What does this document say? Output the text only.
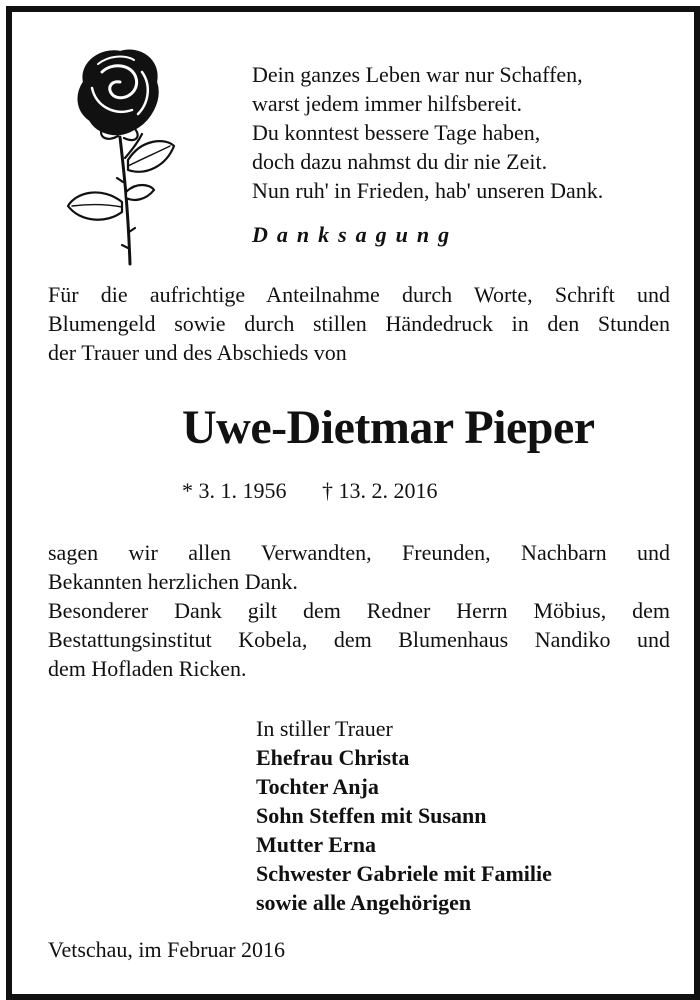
Dein ganzes Leben war nur Schaffen,
warst jedem immer hilfsbereit.
Du konntest bessere Tage haben,
doch dazu nahmst du dir nie Zeit.
Nun ruh' in Frieden, hab' unseren Dank.
Danksagung
Für die aufrichtige Anteilnahme durch Worte, Schrift und
Blumengeld sowie durch stillen Händedruck in den Stunden
der Trauer und des Abschieds von
Uwe-Dietmar Pieper
* 3. 1. 1956 † 13. 2. 2016
sagen wir allen Verwandten, Freunden, Nachbarn und
Bekannten herzlichen Dank.
Besonderer Dank gilt dem Redner Herrn Möbius, dem
Bestattungsinstitut Kobela, dem Blumenhaus Nandiko und
dem Hofladen Ricken.
In stiller Trauer
Ehefrau Christa
Tochter Anja
Sohn Steffen mit Susann
Mutter Erna
Schwester Gabriele mit Familie
sowie alle Angehörigen
Vetschau, im Februar 2016
